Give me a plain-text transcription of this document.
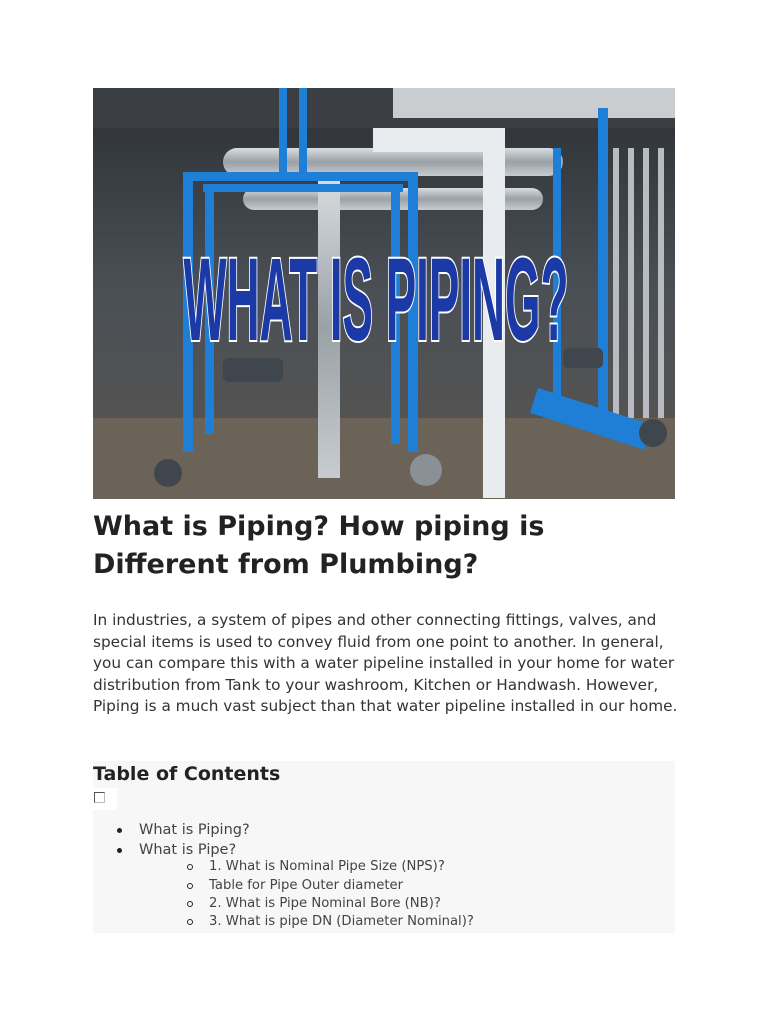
WHAT IS PIPING?
What is Piping? How piping is Different from Plumbing?

In industries, a system of pipes and other connecting fittings, valves, and special items is used to convey fluid from one point to another. In general, you can compare this with a water pipeline installed in your home for water distribution from Tank to your washroom, Kitchen or Handwash. However, Piping is a much vast subject than that water pipeline installed in our home.

Table of Contents
What is Piping?
What is Pipe?
1. What is Nominal Pipe Size (NPS)?
Table for Pipe Outer diameter
2. What is Pipe Nominal Bore (NB)?
3. What is pipe DN (Diameter Nominal)?
